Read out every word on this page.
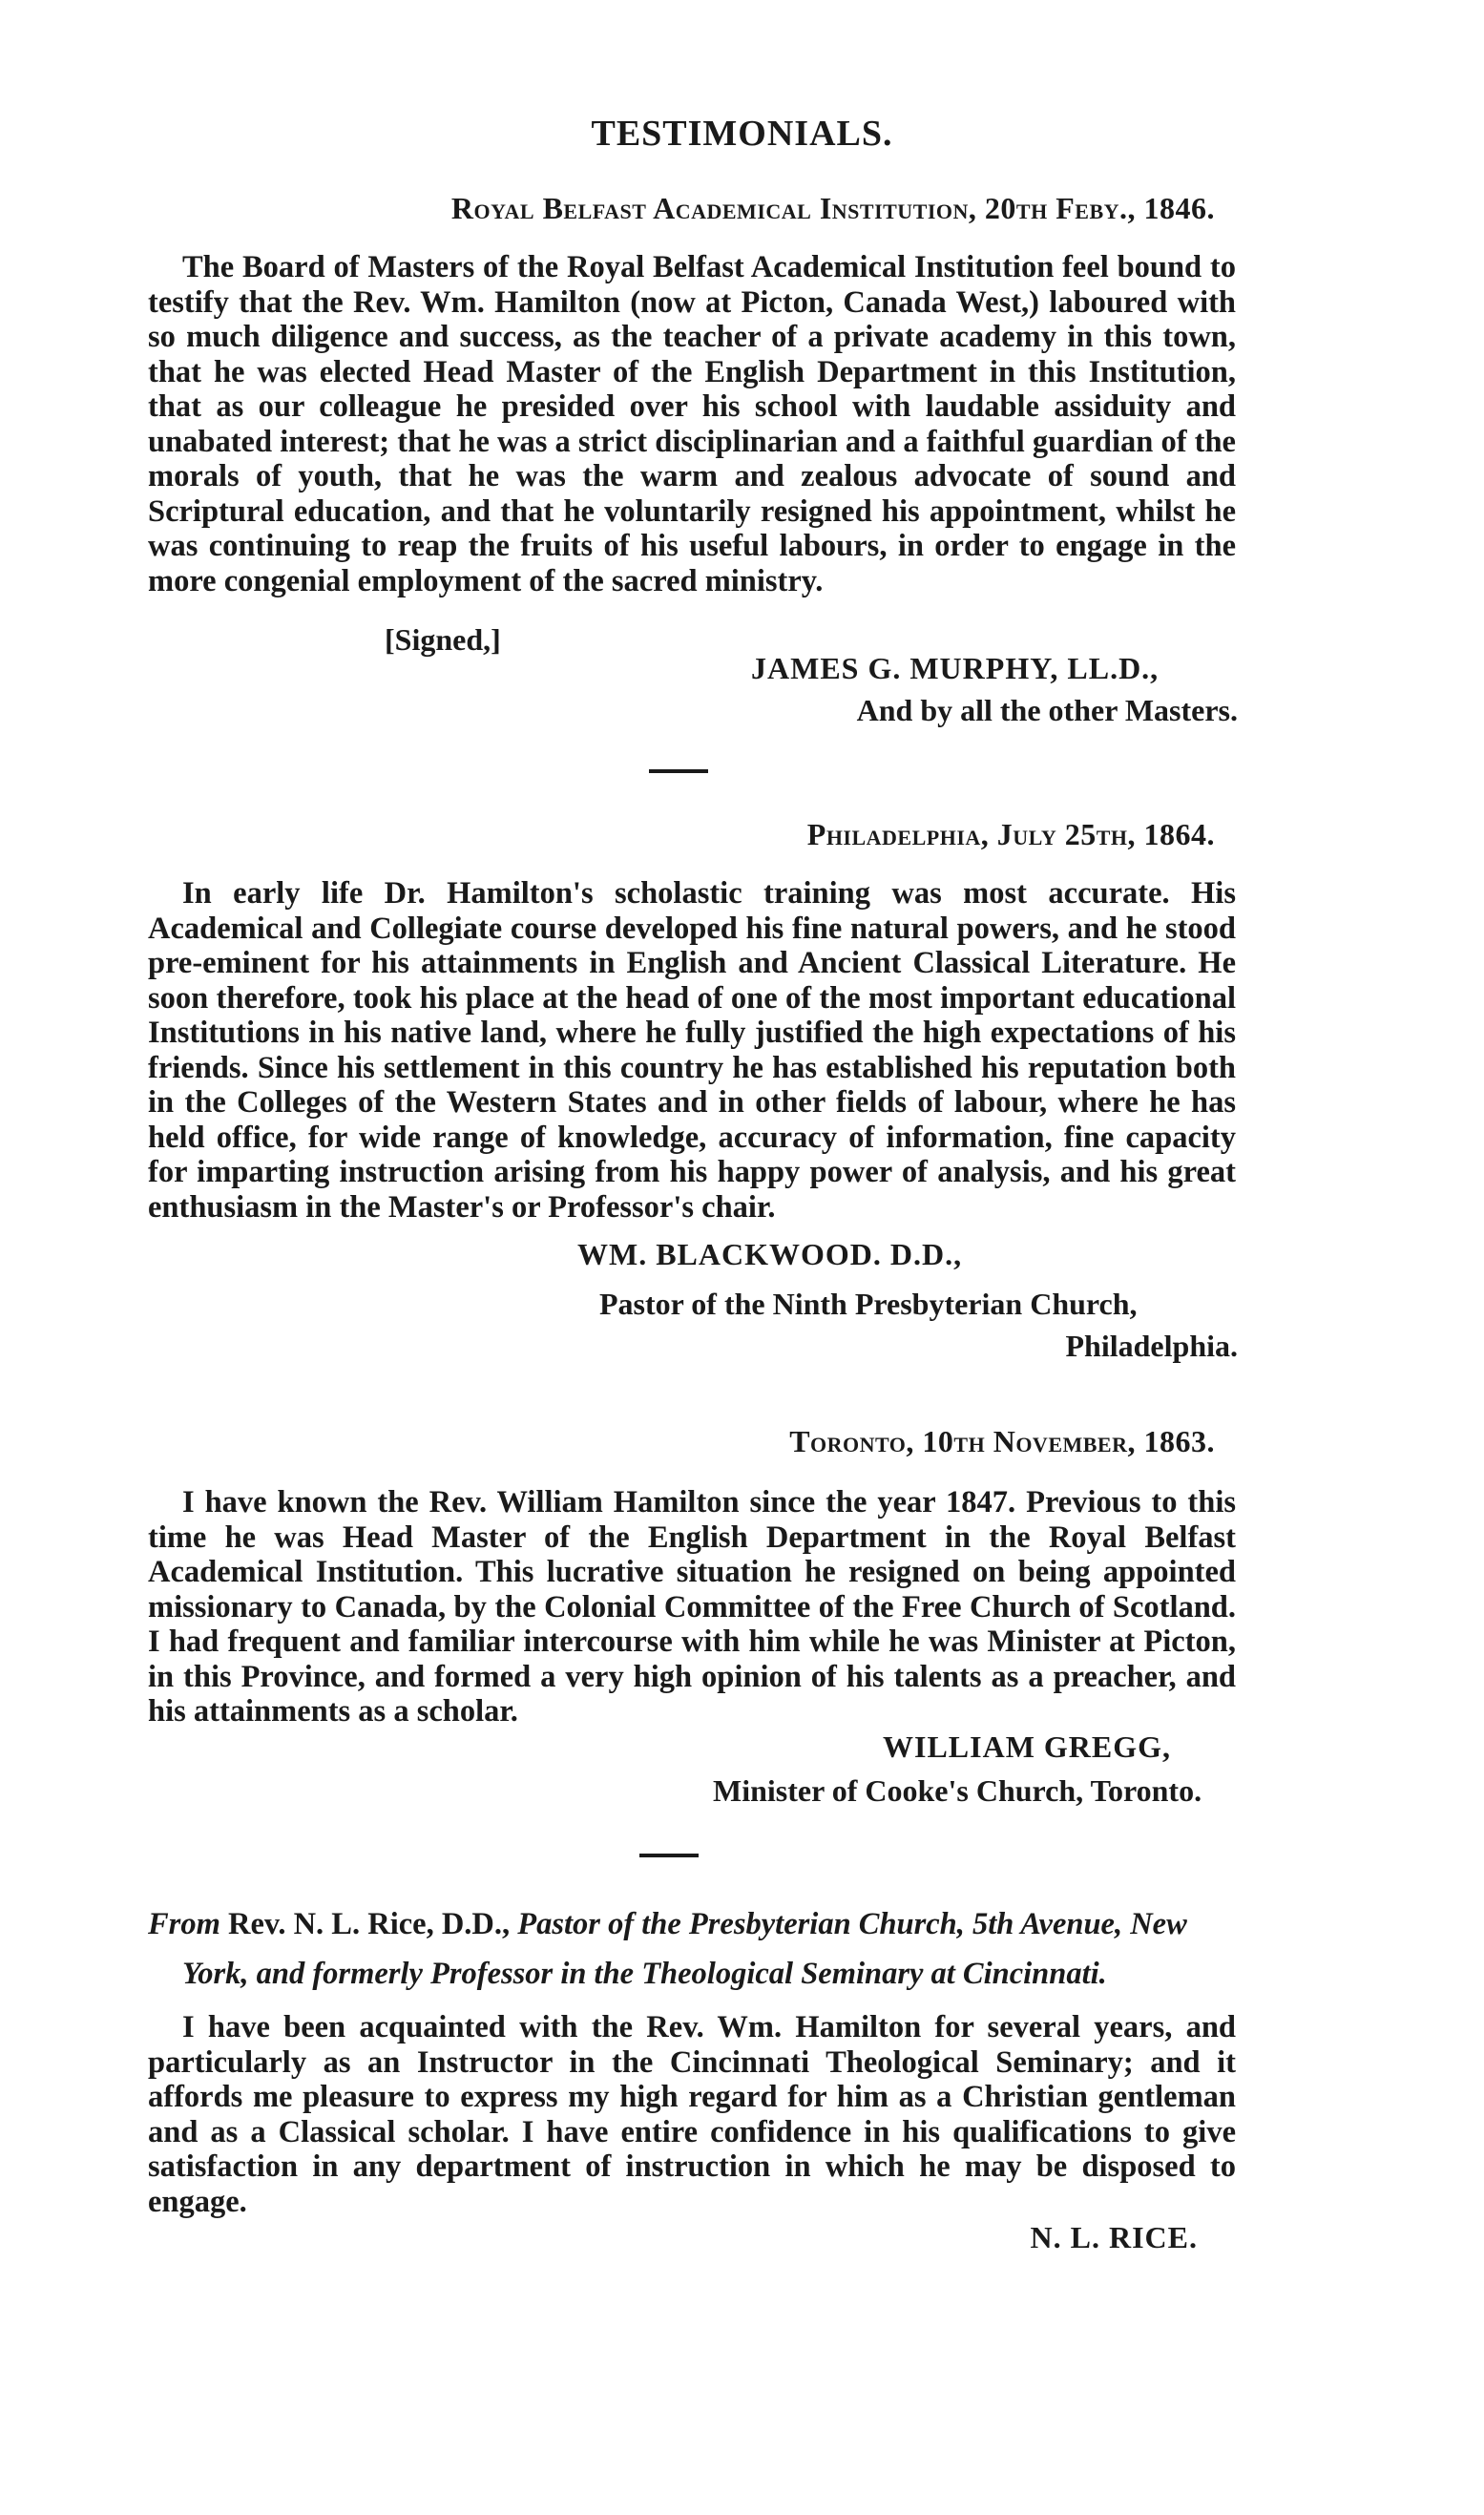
TESTIMONIALS.
Royal Belfast Academical Institution, 20th Feby., 1846.
The Board of Masters of the Royal Belfast Academical Institution feel bound to testify that the Rev. Wm. Hamilton (now at Picton, Canada West,) laboured with so much diligence and success, as the teacher of a private academy in this town, that he was elected Head Master of the English Department in this Institution, that as our colleague he presided over his school with laudable assiduity and unabated interest; that he was a strict disciplinarian and a faithful guardian of the morals of youth, that he was the warm and zealous advocate of sound and Scriptural education, and that he voluntarily resigned his appointment, whilst he was continuing to reap the fruits of his useful labours, in order to engage in the more congenial employment of the sacred ministry.
[Signed,]
JAMES G. MURPHY, LL.D.,
And by all the other Masters.
Philadelphia, July 25th, 1864.
In early life Dr. Hamilton's scholastic training was most accurate. His Academical and Collegiate course developed his fine natural powers, and he stood pre-eminent for his attainments in English and Ancient Classical Literature. He soon therefore, took his place at the head of one of the most important educational Institutions in his native land, where he fully justified the high expectations of his friends. Since his settlement in this country he has established his reputation both in the Colleges of the Western States and in other fields of labour, where he has held office, for wide range of knowledge, accuracy of information, fine capacity for imparting instruction arising from his happy power of analysis, and his great enthusiasm in the Master's or Professor's chair.
WM. BLACKWOOD. D.D.,
Pastor of the Ninth Presbyterian Church,
Philadelphia.
Toronto, 10th November, 1863.
I have known the Rev. William Hamilton since the year 1847. Previous to this time he was Head Master of the English Department in the Royal Belfast Academical Institution. This lucrative situation he resigned on being appointed missionary to Canada, by the Colonial Committee of the Free Church of Scotland. I had frequent and familiar intercourse with him while he was Minister at Picton, in this Province, and formed a very high opinion of his talents as a preacher, and his attainments as a scholar.
WILLIAM GREGG,
Minister of Cooke's Church, Toronto.
From Rev. N. L. Rice, D.D., Pastor of the Presbyterian Church, 5th Avenue, New
York, and formerly Professor in the Theological Seminary at Cincinnati.
I have been acquainted with the Rev. Wm. Hamilton for several years, and particularly as an Instructor in the Cincinnati Theological Seminary; and it affords me pleasure to express my high regard for him as a Christian gentleman and as a Classical scholar. I have entire confidence in his qualifications to give satisfaction in any department of instruction in which he may be disposed to engage.
N. L. RICE.
